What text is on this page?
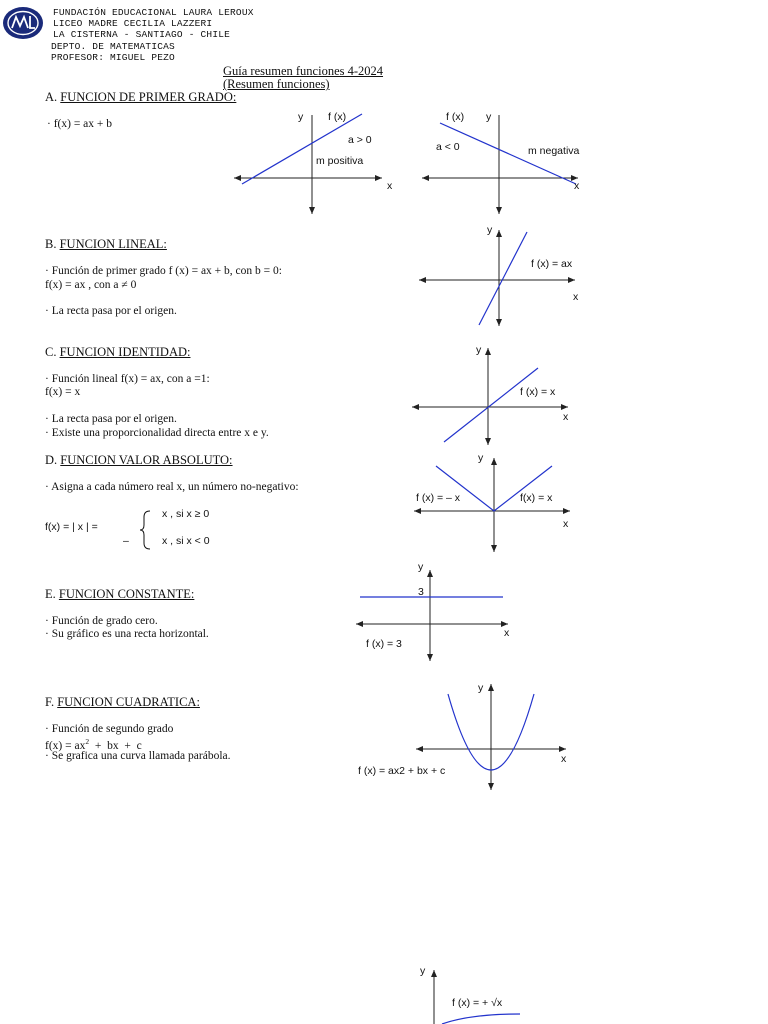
FUNDACIÓN EDUCACIONAL LAURA LEROUX
LICEO MADRE CECILIA LAZZERI
LA CISTERNA - SANTIAGO - CHILE
DEPTO. DE MATEMATICAS
PROFESOR: MIGUEL PEZO
Guía resumen funciones 4-2024
(Resumen funciones)
A. FUNCION DE PRIMER GRADO:
· f(x) = ax + b
y f (x)
a > 0
m positiva
x
f (x) y
a < 0	m negativa
x
B. FUNCION LINEAL:
· Función de primer grado f (x) = ax + b, con b = 0:
f(x) = ax , con a ≠ 0
· La recta pasa por el origen.
y
f (x) = ax
x
C. FUNCION IDENTIDAD:
· Función lineal f(x) = ax, con a =1:
f(x) = x
· La recta pasa por el origen.
· Existe una proporcionalidad directa entre x e y.
y
f (x) = x
x
D. FUNCION VALOR ABSOLUTO:
· Asigna a cada número real x, un número no-negativo:
f(x) = | x | =
x , si x ≥ 0
–	x , si x < 0
y
f (x) = – x	f(x) = x
x
E. FUNCION CONSTANTE:
· Función de grado cero.
· Su gráfico es una recta horizontal.
y
3
x
f (x) = 3
F. FUNCION CUADRATICA:
· Función de segundo grado
$f(x) = ax^2$  +  bx  +  c
· Se grafica una curva llamada parábola.
y
x
f (x) = ax2 + bx + c
y
f (x) = + √x
